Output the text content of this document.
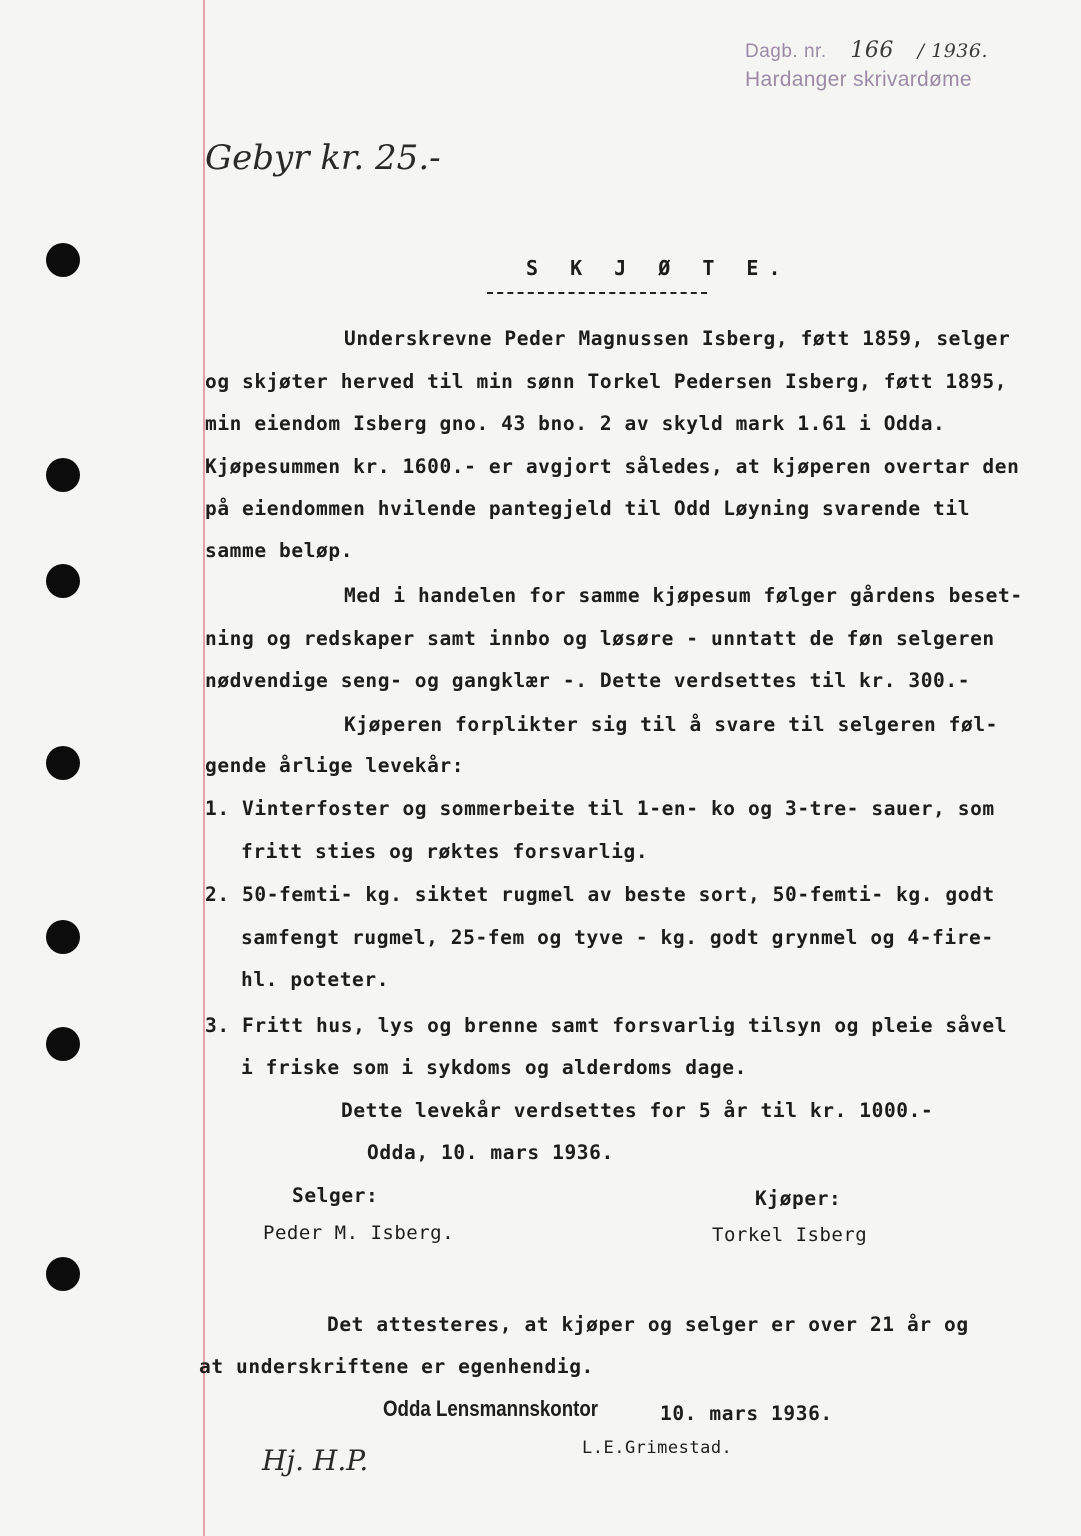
Dagb. nr. 166 / 1936.
Hardanger skrivardøme
Gebyr kr. 25.-
S K J Ø T E.
Underskrevne Peder Magnussen Isberg, føtt 1859, selger
og skjøter herved til min sønn Torkel Pedersen Isberg, føtt 1895,
min eiendom Isberg gno. 43 bno. 2 av skyld mark 1.61 i Odda.
Kjøpesummen kr. 1600.- er avgjort således, at kjøperen overtar den
på eiendommen hvilende pantegjeld til Odd Løyning svarende til
samme beløp.
Med i handelen for samme kjøpesum følger gårdens beset-
ning og redskaper samt innbo og løsøre - unntatt de føn selgeren
nødvendige seng- og gangklær -. Dette verdsettes til kr. 300.-
Kjøperen forplikter sig til å svare til selgeren føl-
gende årlige levekår:
1. Vinterfoster og sommerbeite til 1-en- ko og 3-tre- sauer, som
fritt sties og røktes forsvarlig.
2. 50-femti- kg. siktet rugmel av beste sort, 50-femti- kg. godt
samfengt rugmel, 25-fem og tyve - kg. godt grynmel og 4-fire-
hl. poteter.
3. Fritt hus, lys og brenne samt forsvarlig tilsyn og pleie såvel
i friske som i sykdoms og alderdoms dage.
Dette levekår verdsettes for 5 år til kr. 1000.-
Odda, 10. mars 1936.
Selger:	Kjøper:
Peder M. Isberg.	Torkel Isberg
Det attesteres, at kjøper og selger er over 21 år og
at underskriftene er egenhendig.
Odda Lensmannskontor	10. mars 1936.
L.E.Grimestad.
Hj. H.P.
